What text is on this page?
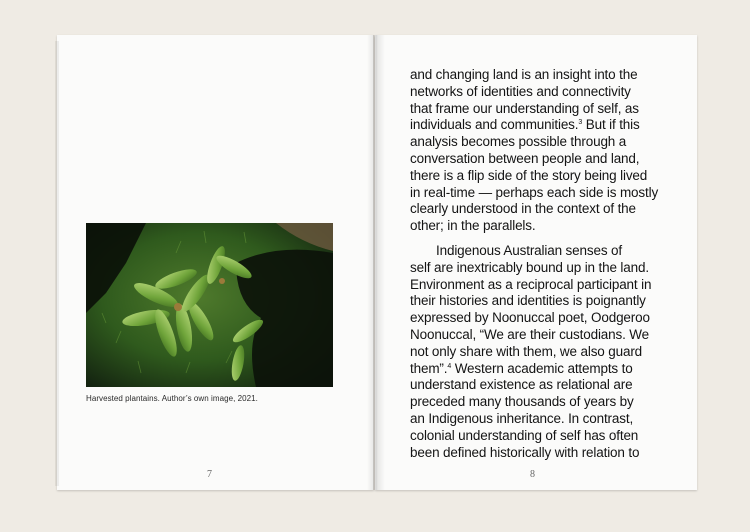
Harvested plantains. Author’s own image, 2021.
7
and changing land is an insight into the
networks of identities and connectivity
that frame our understanding of self, as
individuals and communities.$^3$ But if this
analysis becomes possible through a
conversation between people and land,
there is a flip side of the story being lived
in real-time — perhaps each side is mostly
clearly understood in the context of the
other; in the parallels.
Indigenous Australian senses of
self are inextricably bound up in the land.
Environment as a reciprocal participant in
their histories and identities is poignantly
expressed by Noonuccal poet, Oodgeroo
Noonuccal, “We are their custodians. We
not only share with them, we also guard
them”.$^4$ Western academic attempts to
understand existence as relational are
preceded many thousands of years by
an Indigenous inheritance. In contrast,
colonial understanding of self has often
been defined historically with relation to
8
